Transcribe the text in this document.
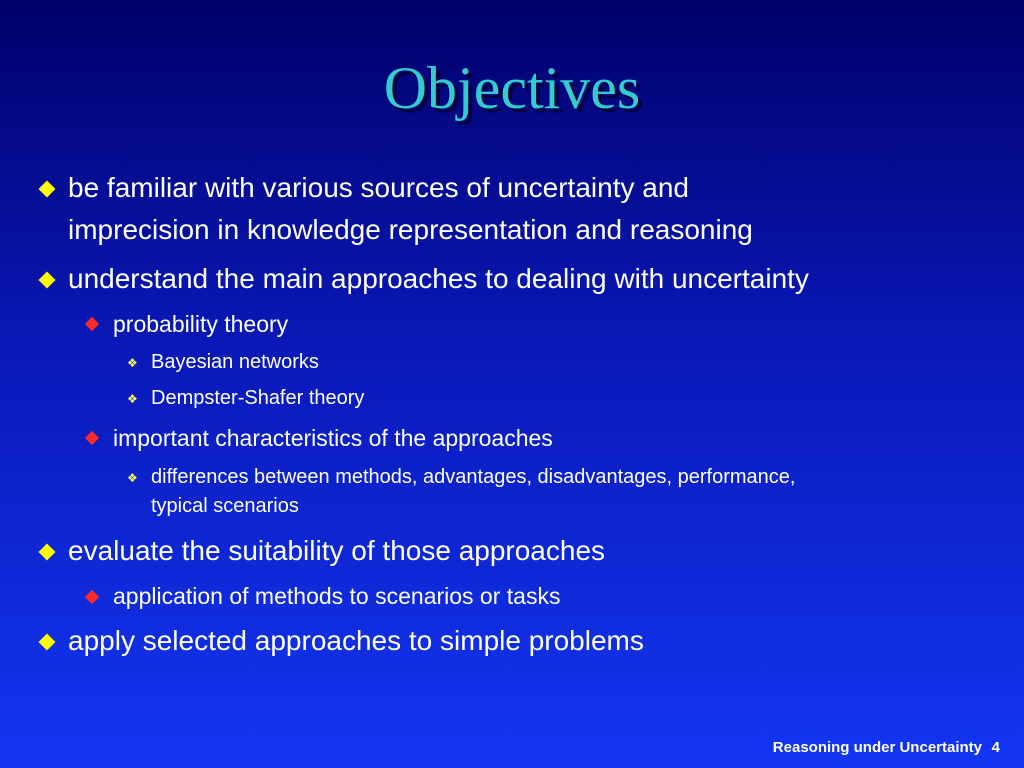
Objectives
be familiar with various sources of uncertainty and
imprecision in knowledge representation and reasoning
understand the main approaches to dealing with uncertainty
probability theory
❖ Bayesian networks
❖ Dempster-Shafer theory
important characteristics of the approaches
❖ differences between methods, advantages, disadvantages, performance,
typical scenarios
evaluate the suitability of those approaches
application of methods to scenarios or tasks
apply selected approaches to simple problems
Reasoning under Uncertainty 4
